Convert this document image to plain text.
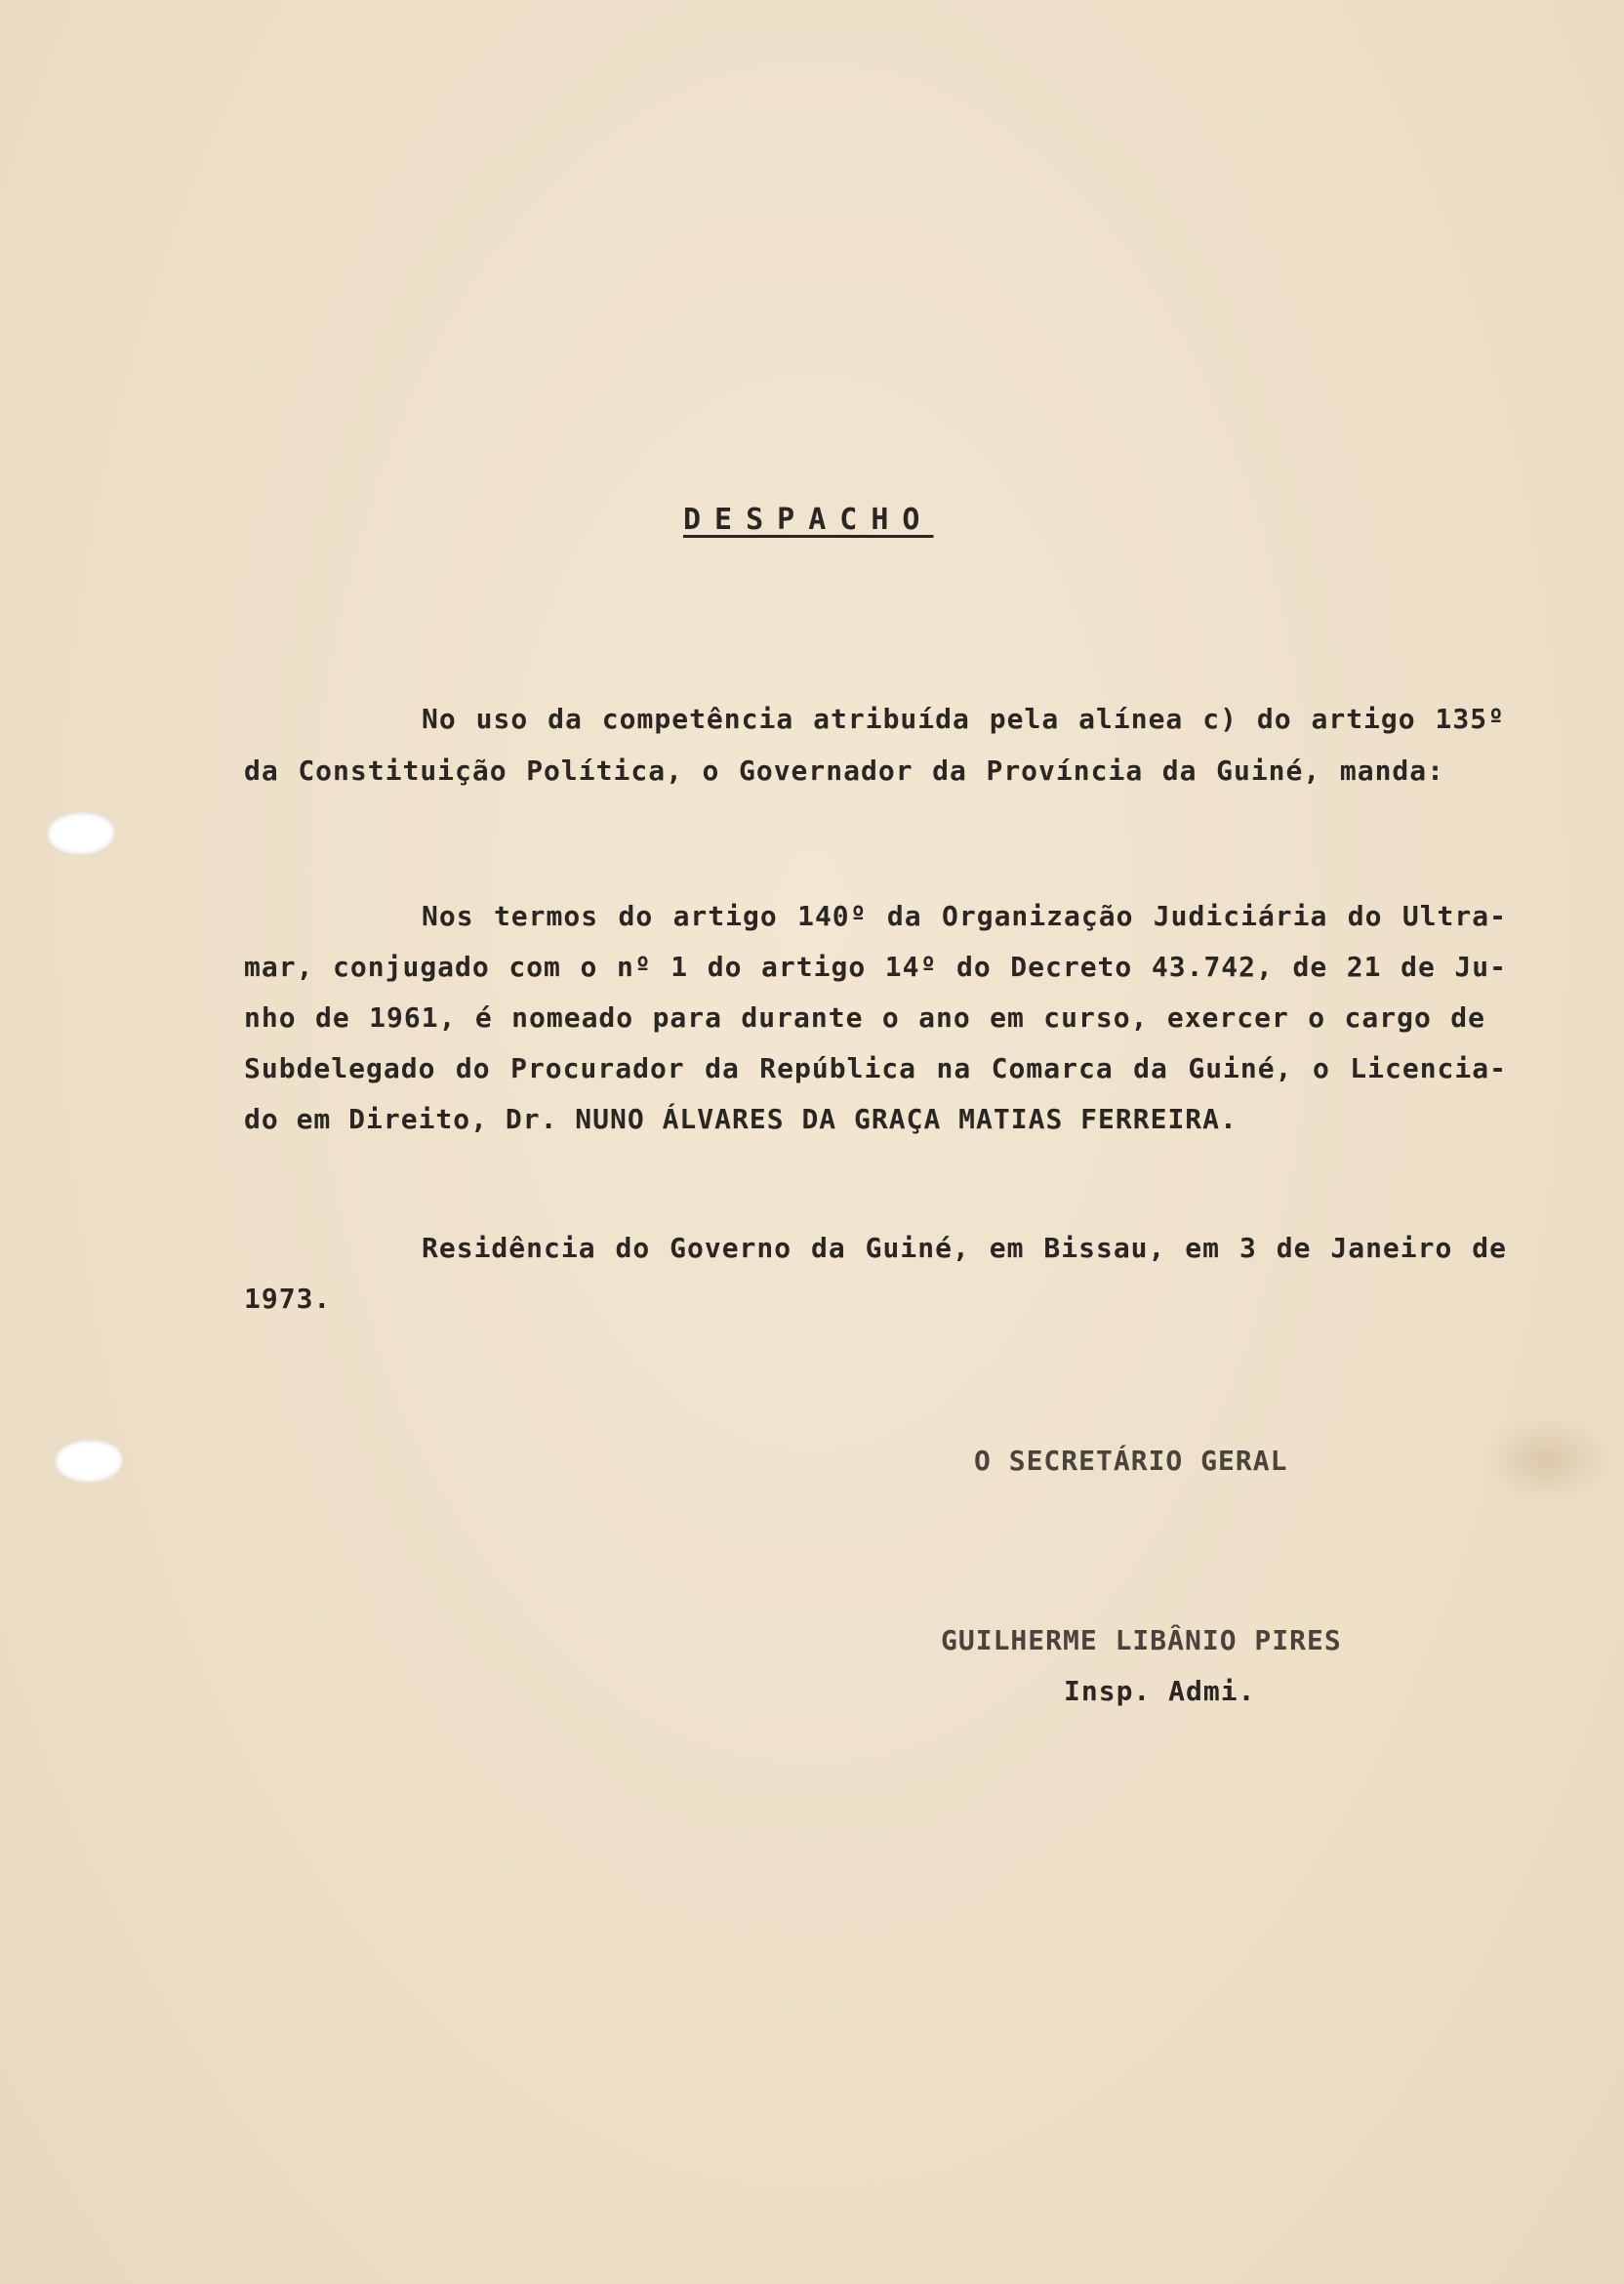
DESPACHO
No uso da competência atribuída pela alínea c) do artigo 135º
da Constituição Política, o Governador da Província da Guiné, manda:
Nos termos do artigo 140º da Organização Judiciária do Ultra-
mar, conjugado com o nº 1 do artigo 14º do Decreto 43.742, de 21 de Ju-
nho de 1961, é nomeado para durante o ano em curso, exercer o cargo de
Subdelegado do Procurador da República na Comarca da Guiné, o Licencia-
do em Direito, Dr. NUNO ÁLVARES DA GRAÇA MATIAS FERREIRA.
Residência do Governo da Guiné, em Bissau, em 3 de Janeiro de
1973.
O SECRETÁRIO GERAL
GUILHERME LIBÂNIO PIRES
Insp. Admi.
